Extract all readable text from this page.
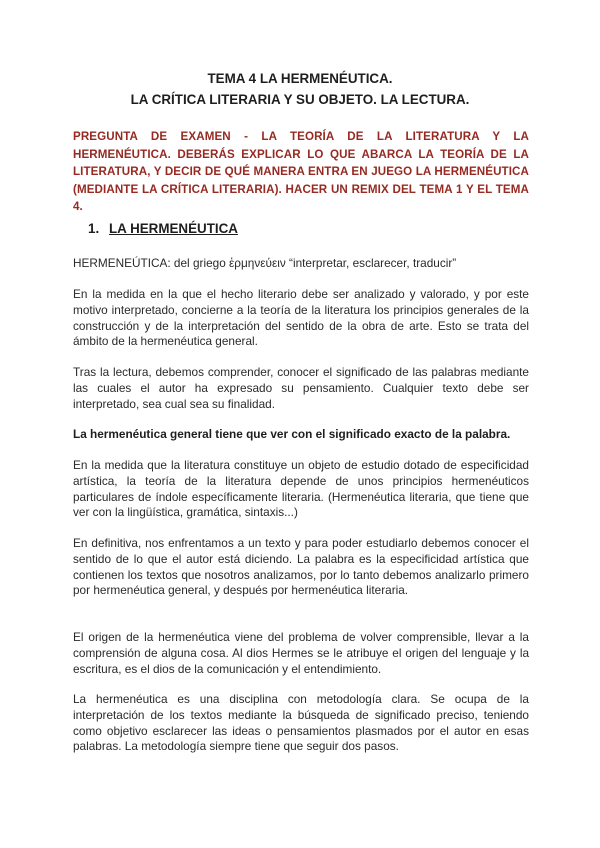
TEMA 4 LA HERMENÉUTICA.
LA CRÍTICA LITERARIA Y SU OBJETO. LA LECTURA.
PREGUNTA DE EXAMEN - LA TEORÍA DE LA LITERATURA Y LA HERMENÉUTICA. DEBERÁS EXPLICAR LO QUE ABARCA LA TEORÍA DE LA LITERATURA, Y DECIR DE QUÉ MANERA ENTRA EN JUEGO LA HERMENÉUTICA (MEDIANTE LA CRÍTICA LITERARIA). HACER UN REMIX DEL TEMA 1 Y EL TEMA 4.
1. LA HERMENÉUTICA

HERMENEÚTICA: del griego ἑρμηνεύειν “interpretar, esclarecer, traducir”

En la medida en la que el hecho literario debe ser analizado y valorado, y por este motivo interpretado, concierne a la teoría de la literatura los principios generales de la construcción y de la interpretación del sentido de la obra de arte. Esto se trata del ámbito de la hermenéutica general.

Tras la lectura, debemos comprender, conocer el significado de las palabras mediante las cuales el autor ha expresado su pensamiento. Cualquier texto debe ser interpretado, sea cual sea su finalidad.

La hermenéutica general tiene que ver con el significado exacto de la palabra.

En la medida que la literatura constituye un objeto de estudio dotado de especificidad artística, la teoría de la literatura depende de unos principios hermenéuticos particulares de índole específicamente literaria. (Hermenéutica literaria, que tiene que ver con la lingüística, gramática, sintaxis...)

En definitiva, nos enfrentamos a un texto y para poder estudiarlo debemos conocer el sentido de lo que el autor está diciendo. La palabra es la especificidad artística que contienen los textos que nosotros analizamos, por lo tanto debemos analizarlo primero por hermenéutica general, y después por hermenéutica literaria.

El origen de la hermenéutica viene del problema de volver comprensible, llevar a la comprensión de alguna cosa. Al dios Hermes se le atribuye el origen del lenguaje y la escritura, es el dios de la comunicación y el entendimiento.

La hermenéutica es una disciplina con metodología clara. Se ocupa de la interpretación de los textos mediante la búsqueda de significado preciso, teniendo como objetivo esclarecer las ideas o pensamientos plasmados por el autor en esas palabras. La metodología siempre tiene que seguir dos pasos.
